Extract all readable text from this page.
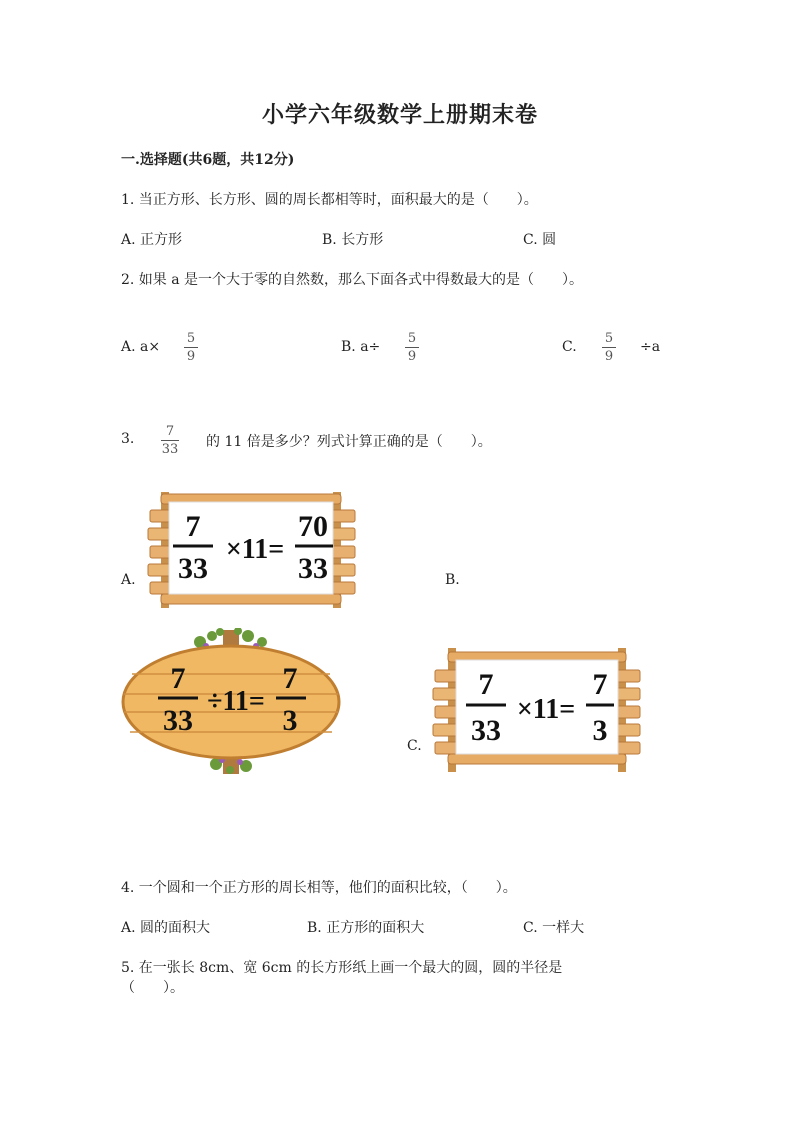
小学六年级数学上册期末卷
一.选择题(共6题，共12分)
1. 当正方形、长方形、圆的周长都相等时，面积最大的是（　　）。
A. 正方形	B. 长方形	C. 圆
2. 如果 a 是一个大于零的自然数，那么下面各式中得数最大的是（　　）。
A. a×
5
9
B. a÷
5
9
C.
5
9
÷a
3. 7
33 的 11 倍是多少？列式计算正确的是（　　）。
A.	B.
C.
7
33
×11=
70
33
7
33
÷11=
7
3
7
33
×11=
7
3
4. 一个圆和一个正方形的周长相等，他们的面积比较，（　　）。
A. 圆的面积大	B. 正方形的面积大	C. 一样大
5. 在一张长 8cm、宽 6cm 的长方形纸上画一个最大的圆，圆的半径是
（　　）。
